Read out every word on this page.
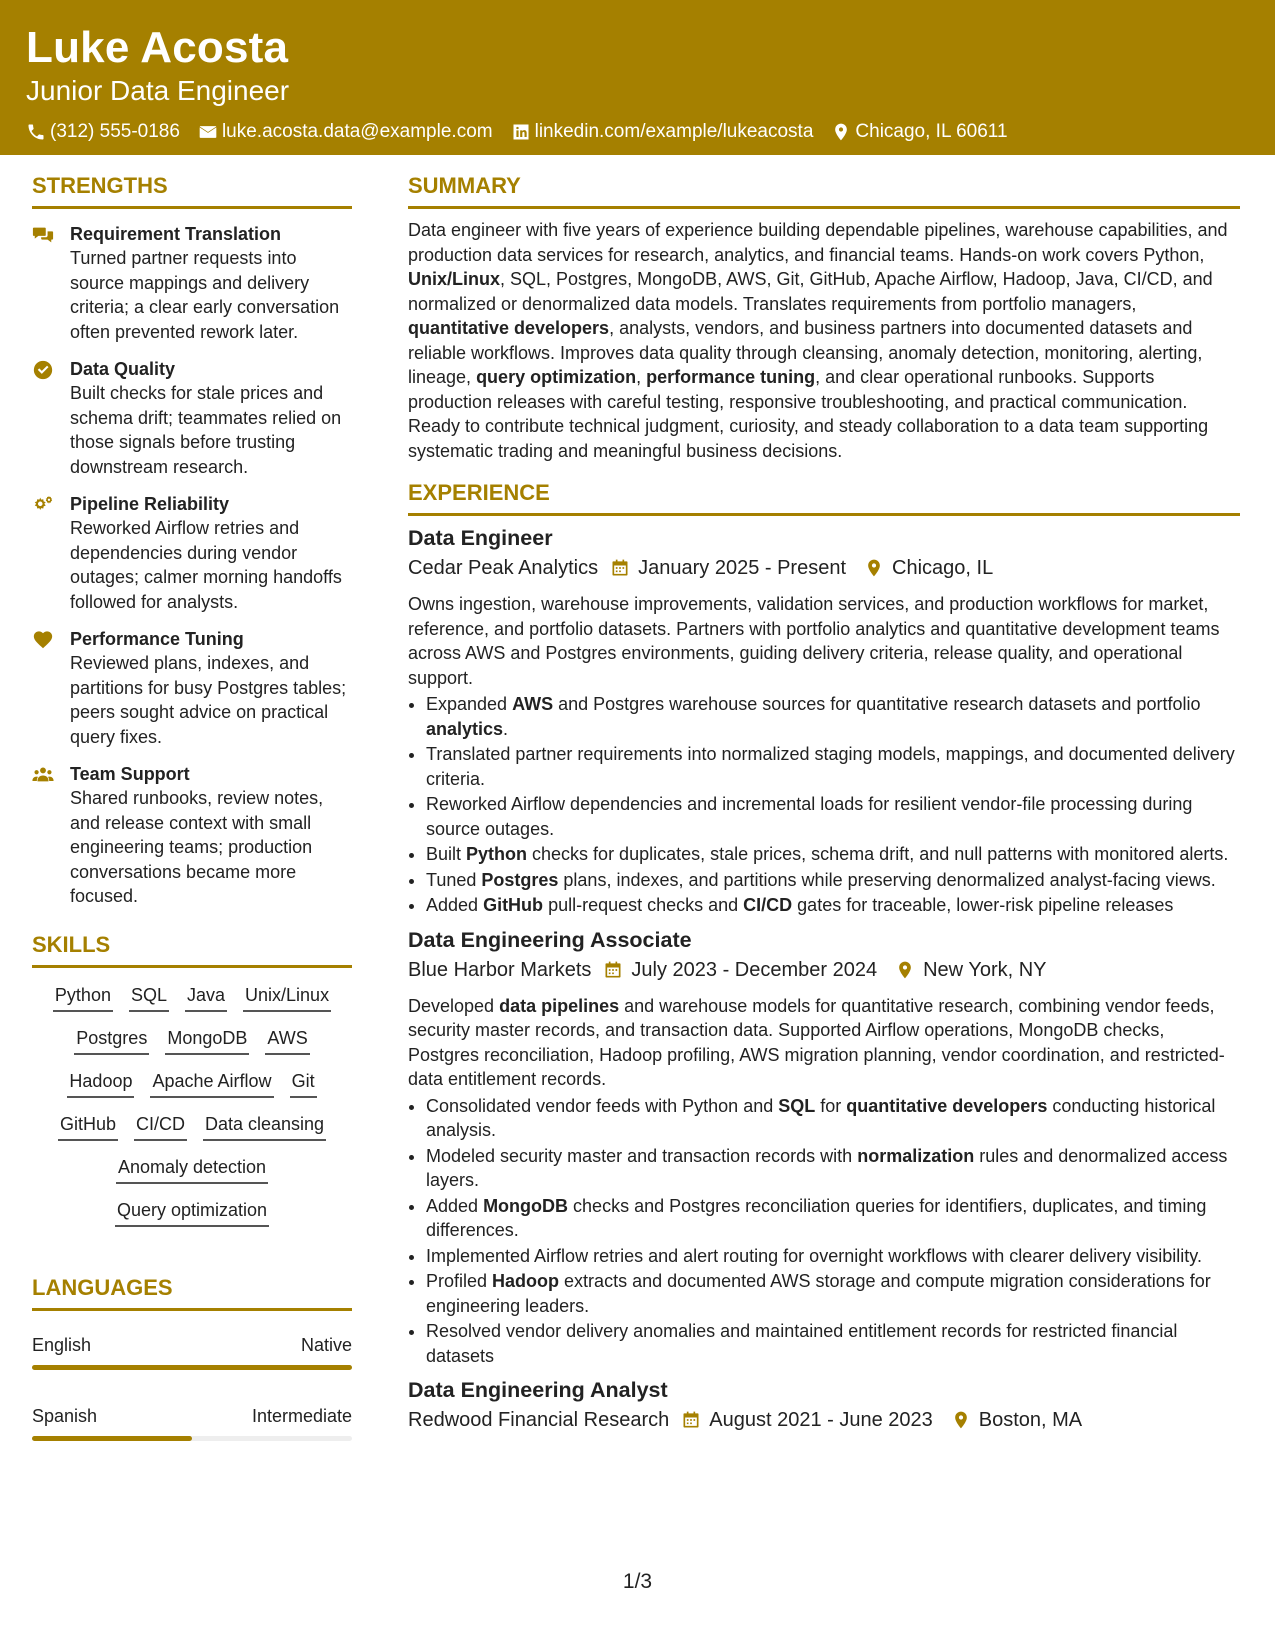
Luke Acosta
Junior Data Engineer
(312) 555-0186 luke.acosta.data@example.com linkedin.com/example/lukeacosta Chicago, IL 60611
STRENGTHS
Requirement Translation
Turned partner requests into source mappings and delivery criteria; a clear early conversation often prevented rework later.
Data Quality
Built checks for stale prices and schema drift; teammates relied on those signals before trusting downstream research.
Pipeline Reliability
Reworked Airflow retries and dependencies during vendor outages; calmer morning handoffs followed for analysts.
Performance Tuning
Reviewed plans, indexes, and partitions for busy Postgres tables; peers sought advice on practical query fixes.
Team Support
Shared runbooks, review notes, and release context with small engineering teams; production conversations became more focused.
SKILLS
Python SQL Java Unix/Linux
Postgres MongoDB AWS
Hadoop Apache Airflow Git
GitHub CI/CD Data cleansing
Anomaly detection
Query optimization
LANGUAGES
English	Native
Spanish	Intermediate
SUMMARY
Data engineer with five years of experience building dependable pipelines, warehouse capabilities, and production data services for research, analytics, and financial teams. Hands-on work covers Python, Unix/Linux, SQL, Postgres, MongoDB, AWS, Git, GitHub, Apache Airflow, Hadoop, Java, CI/CD, and normalized or denormalized data models. Translates requirements from portfolio managers, quantitative developers, analysts, vendors, and business partners into documented datasets and reliable workflows. Improves data quality through cleansing, anomaly detection, monitoring, alerting, lineage, query optimization, performance tuning, and clear operational runbooks. Supports production releases with careful testing, responsive troubleshooting, and practical communication. Ready to contribute technical judgment, curiosity, and steady collaboration to a data team supporting systematic trading and meaningful business decisions.
EXPERIENCE
Data Engineer
Cedar Peak Analytics January 2025 - Present Chicago, IL
Owns ingestion, warehouse improvements, validation services, and production workflows for market, reference, and portfolio datasets. Partners with portfolio analytics and quantitative development teams across AWS and Postgres environments, guiding delivery criteria, release quality, and operational support.
• Expanded AWS and Postgres warehouse sources for quantitative research datasets and portfolio analytics.
• Translated partner requirements into normalized staging models, mappings, and documented delivery criteria.
• Reworked Airflow dependencies and incremental loads for resilient vendor-file processing during source outages.
• Built Python checks for duplicates, stale prices, schema drift, and null patterns with monitored alerts.
• Tuned Postgres plans, indexes, and partitions while preserving denormalized analyst-facing views.
• Added GitHub pull-request checks and CI/CD gates for traceable, lower-risk pipeline releases
Data Engineering Associate
Blue Harbor Markets July 2023 - December 2024 New York, NY
Developed data pipelines and warehouse models for quantitative research, combining vendor feeds, security master records, and transaction data. Supported Airflow operations, MongoDB checks, Postgres reconciliation, Hadoop profiling, AWS migration planning, vendor coordination, and restricted-data entitlement records.
• Consolidated vendor feeds with Python and SQL for quantitative developers conducting historical analysis.
• Modeled security master and transaction records with normalization rules and denormalized access layers.
• Added MongoDB checks and Postgres reconciliation queries for identifiers, duplicates, and timing differences.
• Implemented Airflow retries and alert routing for overnight workflows with clearer delivery visibility.
• Profiled Hadoop extracts and documented AWS storage and compute migration considerations for engineering leaders.
• Resolved vendor delivery anomalies and maintained entitlement records for restricted financial datasets
Data Engineering Analyst
Redwood Financial Research August 2021 - June 2023 Boston, MA
1/3
